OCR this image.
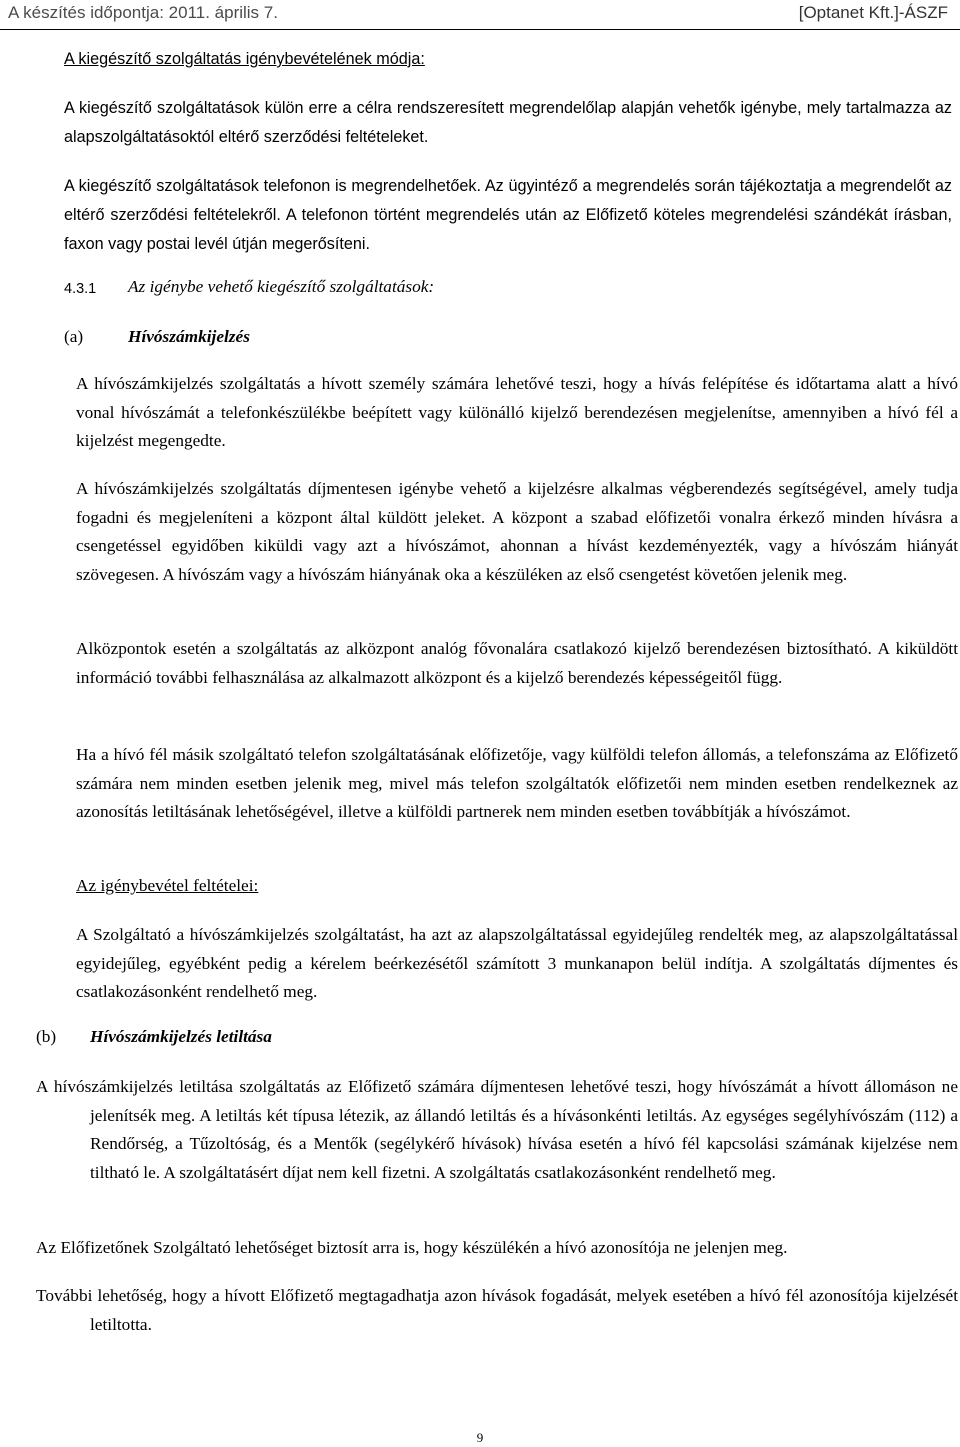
A készítés időpontja: 2011. április 7.	[Optanet Kft.]-ÁSZF

A kiegészítő szolgáltatás igénybevételének módja:

A kiegészítő szolgáltatások külön erre a célra rendszeresített megrendelőlap alapján vehetők igénybe, mely tartalmazza az alapszolgáltatásoktól eltérő szerződési feltételeket.

A kiegészítő szolgáltatások telefonon is megrendelhetőek. Az ügyintéző a megrendelés során tájékoztatja a megrendelőt az eltérő szerződési feltételekről. A telefonon történt megrendelés után az Előfizető köteles megrendelési szándékát írásban, faxon vagy postai levél útján megerősíteni.

4.3.1 Az igénybe vehető kiegészítő szolgáltatások:
(a)	Hívószámkijelzés

A hívószámkijelzés szolgáltatás a hívott személy számára lehetővé teszi, hogy a hívás felépítése és időtartama alatt a hívó vonal hívószámát a telefonkészülékbe beépített vagy különálló kijelző berendezésen megjelenítse, amennyiben a hívó fél a kijelzést megengedte.

A hívószámkijelzés szolgáltatás díjmentesen igénybe vehető a kijelzésre alkalmas végberendezés segítségével, amely tudja fogadni és megjeleníteni a központ által küldött jeleket. A központ a szabad előfizetői vonalra érkező minden hívásra a csengetéssel egyidőben kiküldi vagy azt a hívószámot, ahonnan a hívást kezdeményezték, vagy a hívószám hiányát szövegesen. A hívószám vagy a hívószám hiányának oka a készüléken az első csengetést követően jelenik meg.

Alközpontok esetén a szolgáltatás az alközpont analóg fővonalára csatlakozó kijelző berendezésen biztosítható. A kiküldött információ további felhasználása az alkalmazott alközpont és a kijelző berendezés képességeitől függ.

Ha a hívó fél másik szolgáltató telefon szolgáltatásának előfizetője, vagy külföldi telefon állomás, a telefonszáma az Előfizető számára nem minden esetben jelenik meg, mivel más telefon szolgáltatók előfizetői nem minden esetben rendelkeznek az azonosítás letiltásának lehetőségével, illetve a külföldi partnerek nem minden esetben továbbítják a hívószámot.

Az igénybevétel feltételei:

A Szolgáltató a hívószámkijelzés szolgáltatást, ha azt az alapszolgáltatással egyidejűleg rendelték meg, az alapszolgáltatással egyidejűleg, egyébként pedig a kérelem beérkezésétől számított 3 munkanapon belül indítja. A szolgáltatás díjmentes és csatlakozásonként rendelhető meg.

(b) Hívószámkijelzés letiltása

A hívószámkijelzés letiltása szolgáltatás az Előfizető számára díjmentesen lehetővé teszi, hogy hívószámát a hívott állomáson ne jelenítsék meg. A letiltás két típusa létezik, az állandó letiltás és a hívásonkénti letiltás. Az egységes segélyhívószám (112) a Rendőrség, a Tűzoltóság, és a Mentők (segélykérő hívások) hívása esetén a hívó fél kapcsolási számának kijelzése nem tiltható le. A szolgáltatásért díjat nem kell fizetni. A szolgáltatás csatlakozásonként rendelhető meg.

Az Előfizetőnek Szolgáltató lehetőséget biztosít arra is, hogy készülékén a hívó azonosítója ne jelenjen meg.

További lehetőség, hogy a hívott Előfizető megtagadhatja azon hívások fogadását, melyek esetében a hívó fél azonosítója kijelzését letiltotta.

9
